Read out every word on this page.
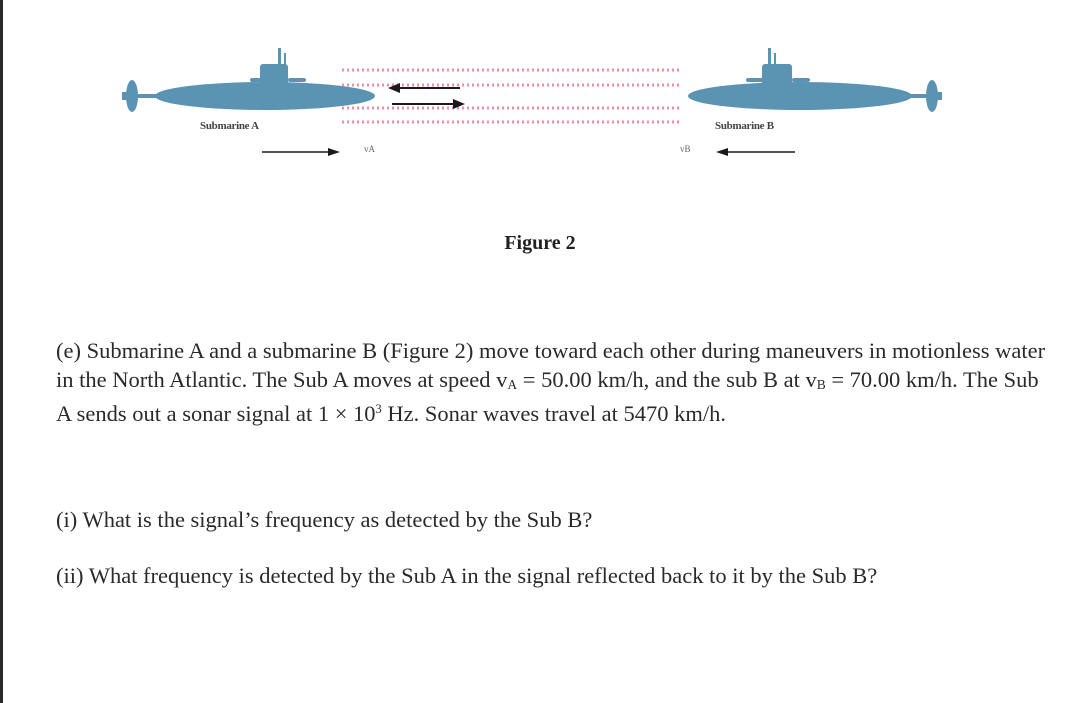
Submarine A	Submarine B
vA	vB
Figure 2

(e) Submarine A and a submarine B (Figure 2) move toward each other during maneuvers in motionless water in the North Atlantic. The Sub A moves at speed $v_A = 50.00$ km/h, and the sub B at $v_B = 70.00$ km/h. The Sub A sends out a sonar signal at $1 \times 10^3$ Hz. Sonar waves travel at 5470 km/h.

(i) What is the signal’s frequency as detected by the Sub B?

(ii) What frequency is detected by the Sub A in the signal reflected back to it by the Sub B?
